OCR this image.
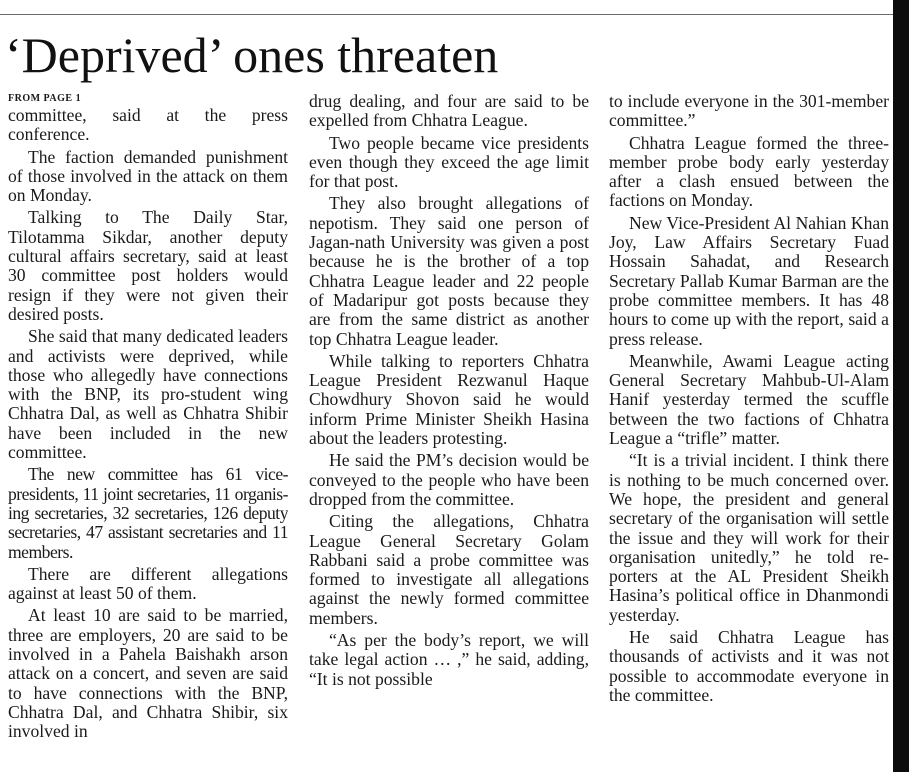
‘Deprived’ ones threaten
FROM PAGE 1

committee, said at the press conference.

The faction demanded punishment of those involved in the attack on them on Monday.

Talking to The Daily Star, Tilotamma Sikdar, another deputy cultural affairs secretary, said at least 30 committee post holders would resign if they were not given their desired posts.

She said that many dedicated leaders and activists were deprived, while those who allegedly have connections with the BNP, its pro-student wing Chhatra Dal, as well as Chhatra Shibir have been included in the new committee.

The new committee has 61 vice-presidents, 11 joint secretaries, 11 organis-ing secretaries, 32 secretaries, 126 deputy secretaries, 47 assistant secretaries and 11 members.

There are different allegations against at least 50 of them.

At least 10 are said to be married, three are employers, 20 are said to be involved in a Pahela Baishakh arson attack on a concert, and seven are said to have connections with the BNP, Chhatra Dal, and Chhatra Shibir, six involved in

drug dealing, and four are said to be expelled from Chhatra League.

Two people became vice presidents even though they exceed the age limit for that post.

They also brought allegations of nepotism. They said one person of Jagan-nath University was given a post because he is the brother of a top Chhatra League leader and 22 people of Madaripur got posts because they are from the same district as another top Chhatra League leader.

While talking to reporters Chhatra League President Rezwanul Haque Chowdhury Shovon said he would inform Prime Minister Sheikh Hasina about the leaders protesting.

He said the PM’s decision would be conveyed to the people who have been dropped from the committee.

Citing the allegations, Chhatra League General Secretary Golam Rabbani said a probe committee was formed to investigate all allegations against the newly formed committee members.

“As per the body’s report, we will take legal action … ,” he said, adding, “It is not possible

to include everyone in the 301-member committee.”

Chhatra League formed the three-member probe body early yesterday after a clash ensued between the factions on Monday.

New Vice-President Al Nahian Khan Joy, Law Affairs Secretary Fuad Hossain Sahadat, and Research Secretary Pallab Kumar Barman are the probe committee members. It has 48 hours to come up with the report, said a press release.

Meanwhile, Awami League acting General Secretary Mahbub-Ul-Alam Hanif yesterday termed the scuffle between the two factions of Chhatra League a “trifle” matter.

“It is a trivial incident. I think there is nothing to be much concerned over. We hope, the president and general secretary of the organisation will settle the issue and they will work for their organisation unitedly,” he told re-porters at the AL President Sheikh Hasina’s political office in Dhanmondi yesterday.

He said Chhatra League has thousands of activists and it was not possible to accommodate everyone in the committee.
